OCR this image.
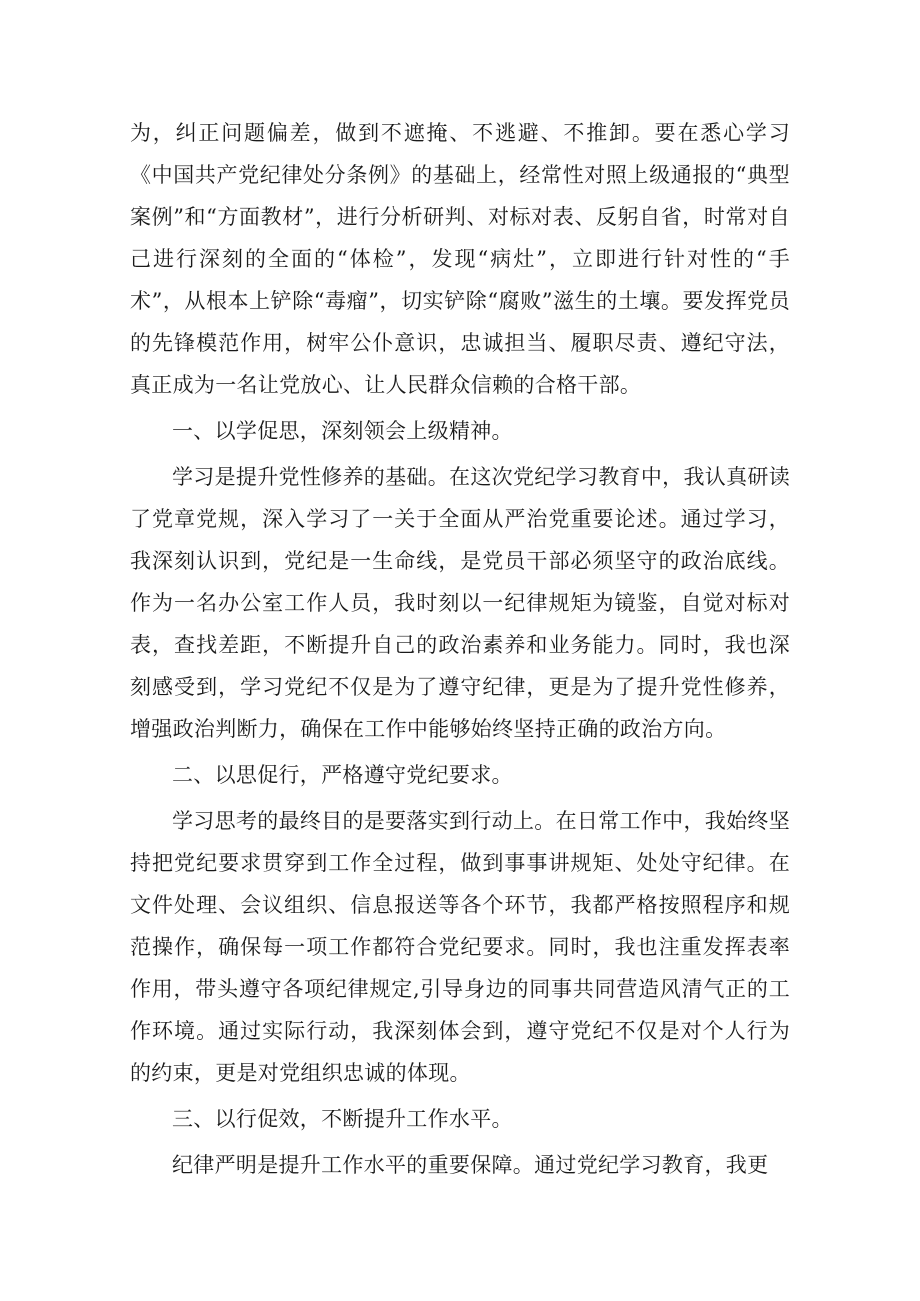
为，纠正问题偏差，做到不遮掩、不逃避、不推卸。要在悉心学习《中国共产党纪律处分条例》的基础上，经常性对照上级通报的“典型案例”和“方面教材”，进行分析研判、对标对表、反躬自省，时常对自己进行深刻的全面的“体检”，发现“病灶”，立即进行针对性的“手术”，从根本上铲除“毒瘤”，切实铲除“腐败”滋生的土壤。要发挥党员的先锋模范作用，树牢公仆意识，忠诚担当、履职尽责、遵纪守法，真正成为一名让党放心、让人民群众信赖的合格干部。

一、以学促思，深刻领会上级精神。

学习是提升党性修养的基础。在这次党纪学习教育中，我认真研读了党章党规，深入学习了一关于全面从严治党重要论述。通过学习，我深刻认识到，党纪是一生命线，是党员干部必须坚守的政治底线。作为一名办公室工作人员，我时刻以一纪律规矩为镜鉴，自觉对标对表，查找差距，不断提升自己的政治素养和业务能力。同时，我也深刻感受到，学习党纪不仅是为了遵守纪律，更是为了提升党性修养，增强政治判断力，确保在工作中能够始终坚持正确的政治方向。

二、以思促行，严格遵守党纪要求。

学习思考的最终目的是要落实到行动上。在日常工作中，我始终坚持把党纪要求贯穿到工作全过程，做到事事讲规矩、处处守纪律。在文件处理、会议组织、信息报送等各个环节，我都严格按照程序和规范操作，确保每一项工作都符合党纪要求。同时，我也注重发挥表率作用，带头遵守各项纪律规定,引导身边的同事共同营造风清气正的工作环境。通过实际行动，我深刻体会到，遵守党纪不仅是对个人行为的约束，更是对党组织忠诚的体现。

三、以行促效，不断提升工作水平。

纪律严明是提升工作水平的重要保障。通过党纪学习教育，我更
